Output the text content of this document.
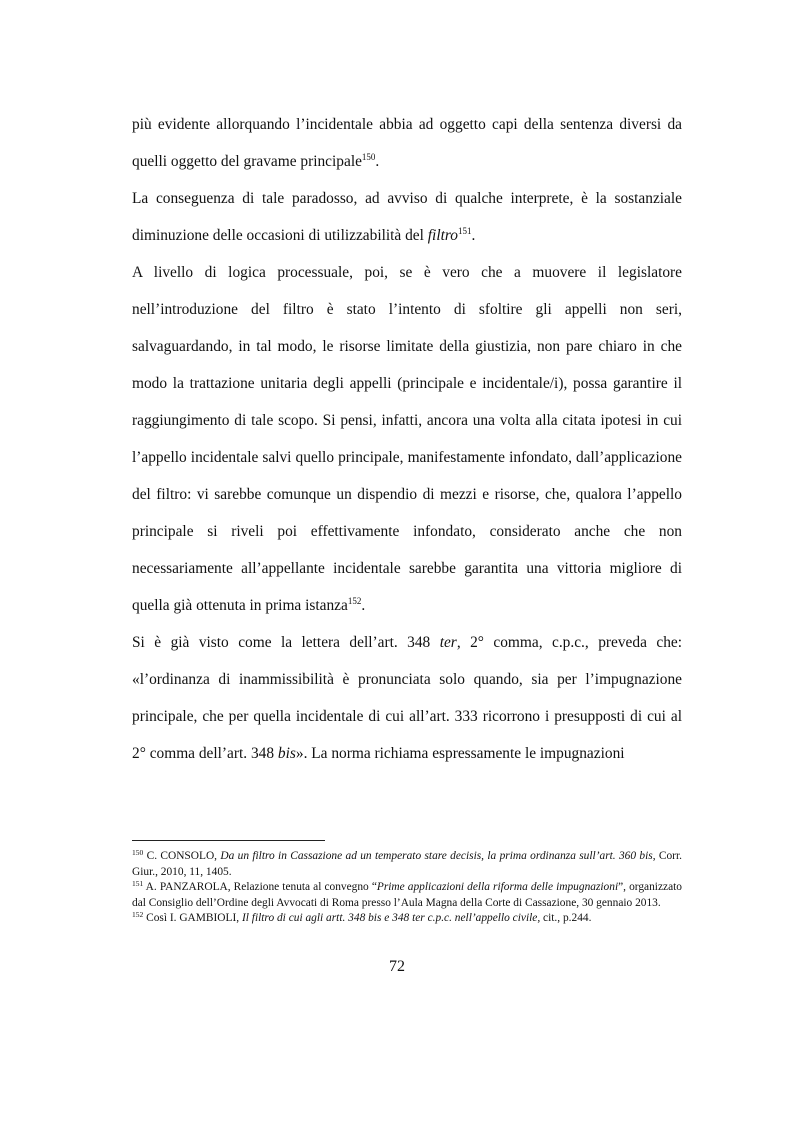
più evidente allorquando l’incidentale abbia ad oggetto capi della sentenza diversi da quelli oggetto del gravame principale$^{150}$.

La conseguenza di tale paradosso, ad avviso di qualche interprete, è la sostanziale diminuzione delle occasioni di utilizzabilità del filtro$^{151}$.

A livello di logica processuale, poi, se è vero che a muovere il legislatore nell’introduzione del filtro è stato l’intento di sfoltire gli appelli non seri, salvaguardando, in tal modo, le risorse limitate della giustizia, non pare chiaro in che modo la trattazione unitaria degli appelli (principale e incidentale/i), possa garantire il raggiungimento di tale scopo. Si pensi, infatti, ancora una volta alla citata ipotesi in cui l’appello incidentale salvi quello principale, manifestamente infondato, dall’applicazione del filtro: vi sarebbe comunque un dispendio di mezzi e risorse, che, qualora l’appello principale si riveli poi effettivamente infondato, considerato anche che non necessariamente all’appellante incidentale sarebbe garantita una vittoria migliore di quella già ottenuta in prima istanza$^{152}$.

Si è già visto come la lettera dell’art. 348 ter, 2° comma, c.p.c., preveda che: «l’ordinanza di inammissibilità è pronunciata solo quando, sia per l’impugnazione principale, che per quella incidentale di cui all’art. 333 ricorrono i presupposti di cui al 2° comma dell’art. 348 bis». La norma richiama espressamente le impugnazioni

$^{150}$ C. CONSOLO, Da un filtro in Cassazione ad un temperato stare decisis, la prima ordinanza sull’art. 360 bis, Corr. Giur., 2010, 11, 1405.

$^{151}$ A. PANZAROLA, Relazione tenuta al convegno “Prime applicazioni della riforma delle impugnazioni”, organizzato dal Consiglio dell’Ordine degli Avvocati di Roma presso l’Aula Magna della Corte di Cassazione, 30 gennaio 2013.

$^{152}$ Così I. GAMBIOLI, Il filtro di cui agli artt. 348 bis e 348 ter c.p.c. nell’appello civile, cit., p.244.

72
